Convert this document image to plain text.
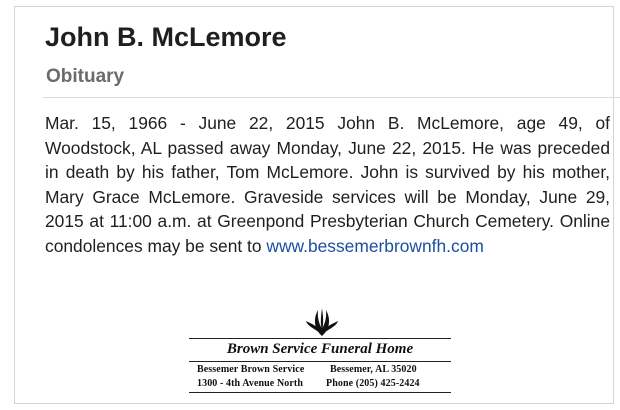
John B. McLemore
Obituary

Mar. 15, 1966 - June 22, 2015 John B. McLemore, age 49, of Woodstock, AL passed away Monday, June 22, 2015. He was preceded in death by his father, Tom McLemore. John is survived by his mother, Mary Grace McLemore. Graveside services will be Monday, June 29, 2015 at 11:00 a.m. at Greenpond Presbyterian Church Cemetery. Online condolences may be sent to www.bessemerbrownfh.com

Brown Service Funeral Home
Bessemer Brown Service	Bessemer, AL 35020
1300 - 4th Avenue North Phone (205) 425-2424
